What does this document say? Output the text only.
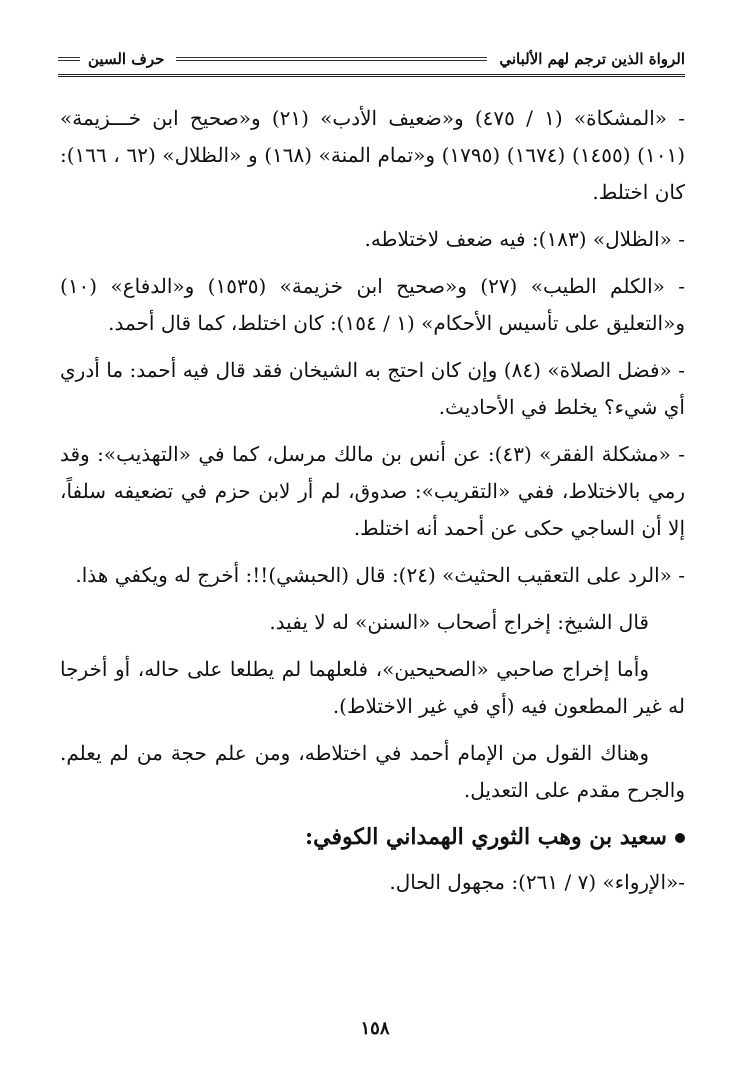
الرواة الذين ترجم لهم الألباني
حرف السين

- «المشكاة» (١ / ٤٧٥) و«ضعيف الأدب» (٢١) و«صحيح ابن خـــزيمة» (١٠١) (١٤٥٥) (١٦٧٤) (١٧٩٥) و«تمام المنة» (١٦٨) و «الظلال» (٦٢ ، ١٦٦): كان اختلط.

- «الظلال» (١٨٣): فيه ضعف لاختلاطه.

- «الكلم الطيب» (٢٧) و«صحيح ابن خزيمة» (١٥٣٥) و«الدفاع» (١٠) و«التعليق على تأسيس الأحكام» (١ / ١٥٤): كان اختلط، كما قال أحمد.

- «فضل الصلاة» (٨٤) وإن كان احتج به الشيخان فقد قال فيه أحمد: ما أدري أي شيء؟ يخلط في الأحاديث.

- «مشكلة الفقر» (٤٣): عن أنس بن مالك مرسل، كما في «التهذيب»: وقد رمي بالاختلاط، ففي «التقريب»: صدوق، لم أر لابن حزم في تضعيفه سلفاً، إلا أن الساجي حكى عن أحمد أنه اختلط.

- «الرد على التعقيب الحثيث» (٢٤): قال (الحبشي)!!: أخرج له ويكفي هذا.

قال الشيخ: إخراج أصحاب «السنن» له لا يفيد.

وأما إخراج صاحبي «الصحيحين»، فلعلهما لم يطلعا على حاله، أو أخرجا له غير المطعون فيه (أي في غير الاختلاط).

وهناك القول من الإمام أحمد في اختلاطه، ومن علم حجة من لم يعلم. والجرح مقدم على التعديل.

سعيد بن وهب الثوري الهمداني الكوفي:

-«الإرواء» (٧ / ٢٦١): مجهول الحال.

١٥٨
